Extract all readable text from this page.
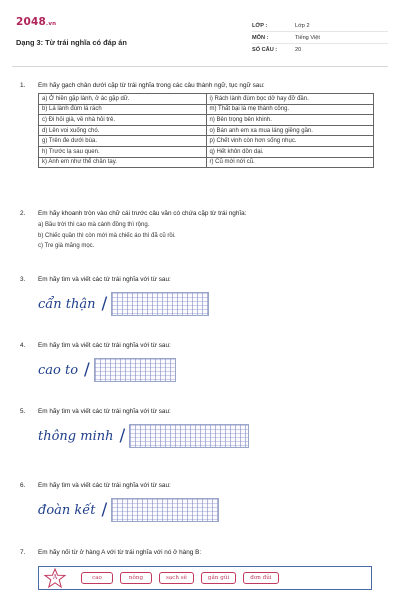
2048.vn
Dạng 3: Từ trái nghĩa có đáp án
LỚP :	Lớp 2
MÔN :	Tiếng Việt
SỐ CÂU :	20
1.	Em hãy gạch chân dưới cặp từ trái nghĩa trong các câu thành ngữ, tục ngữ sau:
a) Ở hiền gặp lành, ở ác gặp dữ.	i) Rách lành đùm bọc dở hay đỡ đần.
b) Lá lành đùm lá rách	m) Thất bại là mẹ thành công.
c) Đi hỏi già, về nhà hỏi trẻ.	n) Bên trọng bên khinh.
d) Lên voi xuống chó.	o) Bán anh em xa mua láng giềng gần.
g) Trên đe dưới búa.	p) Chết vinh còn hơn sống nhục.
h) Trước lạ sau quen.	q) Hết khôn dồn dại.
k) Anh em như thể chân tay.	r) Cũ mới nới cũ.
2.	Em hãy khoanh tròn vào chữ cái trước câu văn có chứa cặp từ trái nghĩa:
a) Bầu trời thì cao mà cánh đồng thì rộng.
b) Chiếc quần thì còn mới mà chiếc áo thì đã cũ rồi.
c) Tre già măng mọc.
3.	Em hãy tìm và viết các từ trái nghĩa với từ sau:
cẩn thận /
4.	Em hãy tìm và viết các từ trái nghĩa với từ sau:
cao to /
5.	Em hãy tìm và viết các từ trái nghĩa với từ sau:
thông minh /
6.	Em hãy tìm và viết các từ trái nghĩa với từ sau:
đoàn kết /
7.	Em hãy nối từ ở hàng A với từ trái nghĩa với nó ở hàng B:
A	cao	nông	sạch sẽ	gần gũi	đơn đủi
